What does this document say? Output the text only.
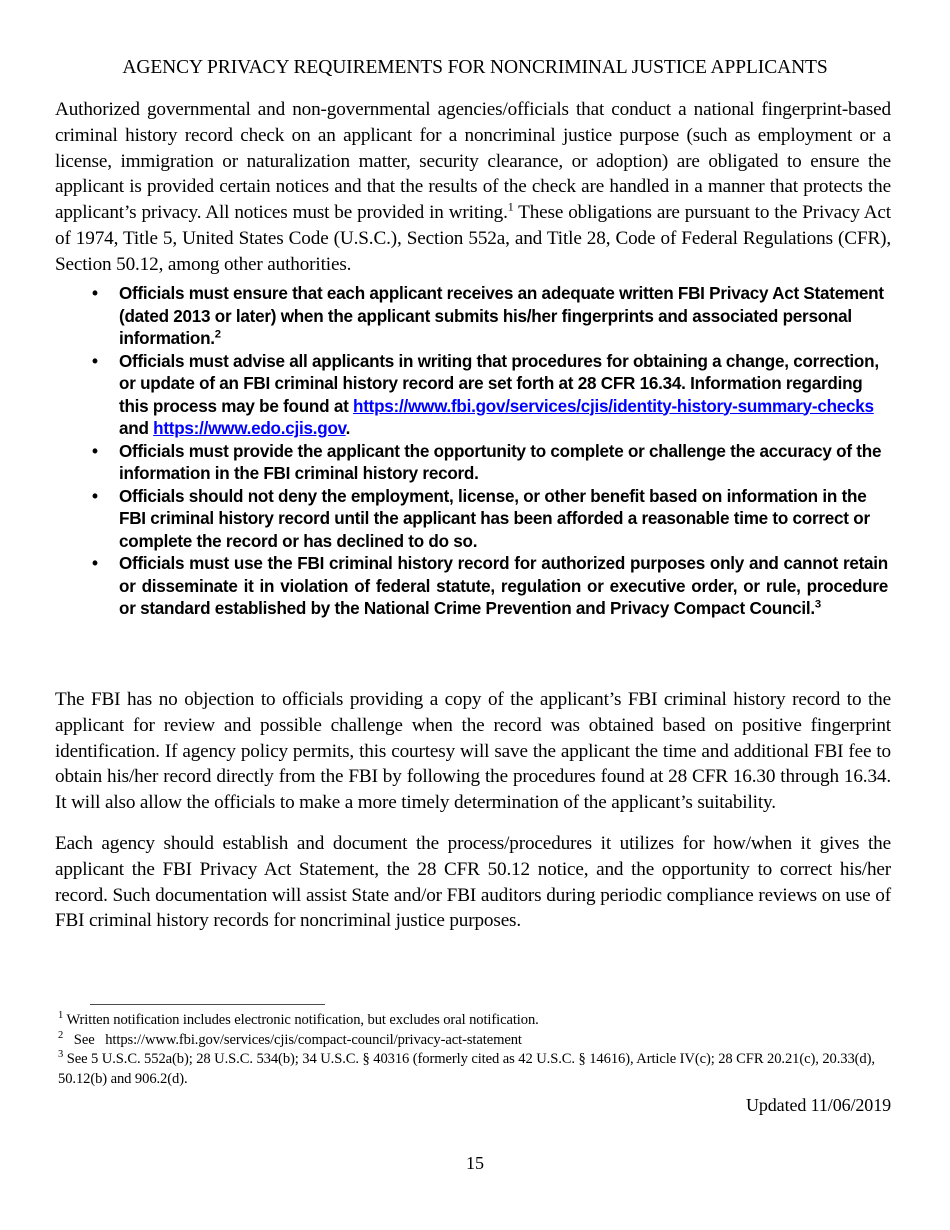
AGENCY PRIVACY REQUIREMENTS FOR NONCRIMINAL JUSTICE APPLICANTS
Authorized governmental and non-governmental agencies/officials that conduct a national fingerprint-based criminal history record check on an applicant for a noncriminal justice purpose (such as employment or a license, immigration or naturalization matter, security clearance, or adoption) are obligated to ensure the applicant is provided certain notices and that the results of the check are handled in a manner that protects the applicant’s privacy. All notices must be provided in writing.$^1$ These obligations are pursuant to the Privacy Act of 1974, Title 5, United States Code (U.S.C.), Section 552a, and Title 28, Code of Federal Regulations (CFR), Section 50.12, among other authorities.
• Officials must ensure that each applicant receives an adequate written FBI Privacy Act Statement (dated 2013 or later) when the applicant submits his/her fingerprints and associated personal information.$^2$
• Officials must advise all applicants in writing that procedures for obtaining a change, correction, or update of an FBI criminal history record are set forth at 28 CFR 16.34. Information regarding this process may be found at https://www.fbi.gov/services/cjis/identity-history-summary-checks and https://www.edo.cjis.gov.
• Officials must provide the applicant the opportunity to complete or challenge the accuracy of the information in the FBI criminal history record.
• Officials should not deny the employment, license, or other benefit based on information in the FBI criminal history record until the applicant has been afforded a reasonable time to correct or complete the record or has declined to do so.
• Officials must use the FBI criminal history record for authorized purposes only and cannot retain or disseminate it in violation of federal statute, regulation or executive order, or rule, procedure or standard established by the National Crime Prevention and Privacy Compact Council.$^3$
The FBI has no objection to officials providing a copy of the applicant’s FBI criminal history record to the applicant for review and possible challenge when the record was obtained based on positive fingerprint identification. If agency policy permits, this courtesy will save the applicant the time and additional FBI fee to obtain his/her record directly from the FBI by following the procedures found at 28 CFR 16.30 through 16.34. It will also allow the officials to make a more timely determination of the applicant’s suitability.
Each agency should establish and document the process/procedures it utilizes for how/when it gives the applicant the FBI Privacy Act Statement, the 28 CFR 50.12 notice, and the opportunity to correct his/her record. Such documentation will assist State and/or FBI auditors during periodic compliance reviews on use of FBI criminal history records for noncriminal justice purposes.
$^1$ Written notification includes electronic notification, but excludes oral notification.
$^2$   See   https://www.fbi.gov/services/cjis/compact-council/privacy-act-statement
$^3$ See 5 U.S.C. 552a(b); 28 U.S.C. 534(b); 34 U.S.C. § 40316 (formerly cited as 42 U.S.C. § 14616), Article IV(c); 28 CFR 20.21(c), 20.33(d), 50.12(b) and 906.2(d).
Updated 11/06/2019
15
